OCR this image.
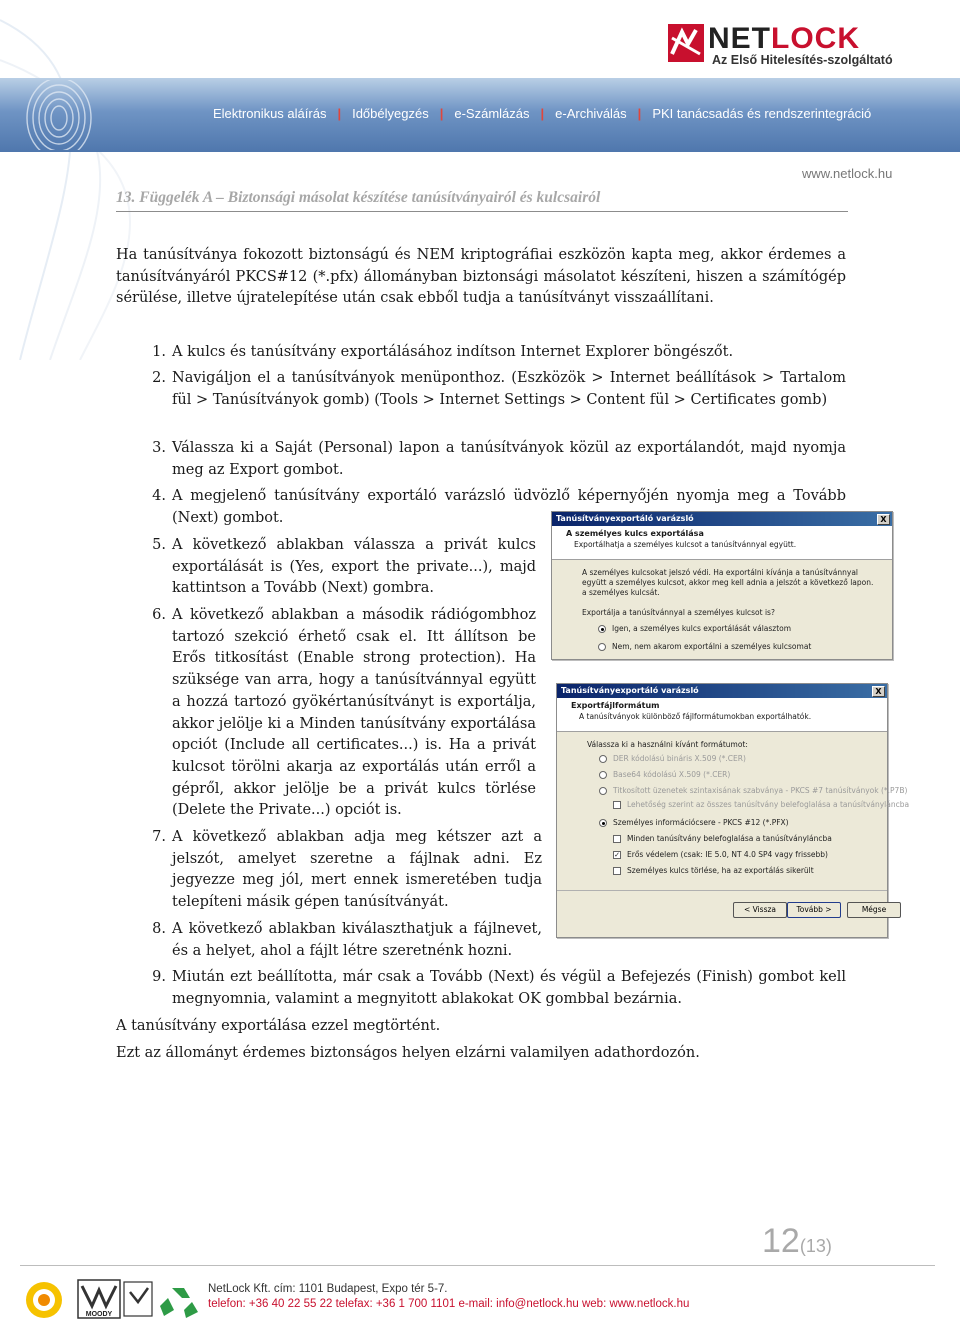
NETLOCK
Az Első Hitelesítés-szolgáltató
Elektronikus aláírás | Időbélyegzés | e-Számlázás | e-Archiválás | PKI tanácsadás és rendszerintegráció
www.netlock.hu
13. Függelék A – Biztonsági másolat készítése tanúsítványairól és kulcsairól
Ha tanúsítványa fokozott biztonságú és NEM kriptográfiai eszközön kapta meg, akkor érdemes a tanúsítványáról PKCS#12 (*.pfx) állományban biztonsági másolatot készíteni, hiszen a számítógép sérülése, illetve újratelepítése után csak ebből tudja a tanúsítványt visszaállítani.
1. A kulcs és tanúsítvány exportálásához indítson Internet Explorer böngészőt.
2. Navigáljon el a tanúsítványok menüponthoz. (Eszközök > Internet beállítások > Tartalom fül > Tanúsítványok gomb) (Tools > Internet Settings > Content fül > Certificates gomb)
3. Válassza ki a Saját (Personal) lapon a tanúsítványok közül az exportálandót, majd nyomja meg az Export gombot.
4. A megjelenő tanúsítvány exportáló varázsló üdvözlő képernyőjén nyomja meg a Tovább (Next) gombot.
5. A következő ablakban válassza a privát kulcs exportálását is (Yes, export the private...), majd kattintson a Tovább (Next) gombra.
6. A következő ablakban a második rádiógombhoz tartozó szekció érhető csak el. Itt állítson be Erős titkosítást (Enable strong protection). Ha szüksége van arra, hogy a tanúsítvánnyal együtt a hozzá tartozó gyökértanúsítványt is exportálja, akkor jelölje ki a Minden tanúsítvány exportálása opciót (Include all certificates...) is. Ha a privát kulcsot törölni akarja az exportálás után erről a gépről, akkor jelölje be a privát kulcs törlése (Delete the Private...) opciót is.
7. A következő ablakban adja meg kétszer azt a jelszót, amelyet szeretne a fájlnak adni. Ez jegyezze meg jól, mert ennek ismeretében tudja telepíteni másik gépen tanúsítványát.
8. A következő ablakban kiválaszthatjuk a fájlnevet, és a helyet, ahol a fájlt létre szeretnénk hozni.
9. Miután ezt beállította, már csak a Tovább (Next) és végül a Befejezés (Finish) gombot kell megnyomnia, valamint a megnyitott ablakokat OK gombbal bezárnia.
A tanúsítvány exportálása ezzel megtörtént.
Ezt az állományt érdemes biztonságos helyen elzárni valamilyen adathordozón.
Tanúsítványexportáló varázsló	X
A személyes kulcs exportálása
Exportálhatja a személyes kulcsot a tanúsítvánnyal együtt.
A személyes kulcsokat jelszó védi. Ha exportálni kívánja a tanúsítvánnyal
együtt a személyes kulcsot, akkor meg kell adnia a jelszót a következő lapon.
a személyes kulcsát.
Exportálja a tanúsítvánnyal a személyes kulcsot is?
Igen, a személyes kulcs exportálását választom
Nem, nem akarom exportálni a személyes kulcsomat
Tanúsítványexportáló varázsló	X
Exportfájlformátum
A tanúsítványok különböző fájlformátumokban exportálhatók.
Válassza ki a használni kívánt formátumot:
DER kódolású bináris X.509 (*.CER)
Base64 kódolású X.509 (*.CER)
Titkosított üzenetek szintaxisának szabványa - PKCS #7 tanúsítványok (*.P7B)
Lehetőség szerint az összes tanúsítvány belefoglalása a tanúsítványláncba
Személyes információcsere - PKCS #12 (*.PFX)
Minden tanúsítvány belefoglalása a tanúsítványláncba
✓ Erős védelem (csak: IE 5.0, NT 4.0 SP4 vagy frissebb)
Személyes kulcs törlése, ha az exportálás sikerült
< Vissza	Tovább >	Mégse
12(13)
MOODY
NetLock Kft. cím: 1101 Budapest, Expo tér 5-7.
telefon: +36 40 22 55 22 telefax: +36 1 700 1101 e-mail: info@netlock.hu web: www.netlock.hu
